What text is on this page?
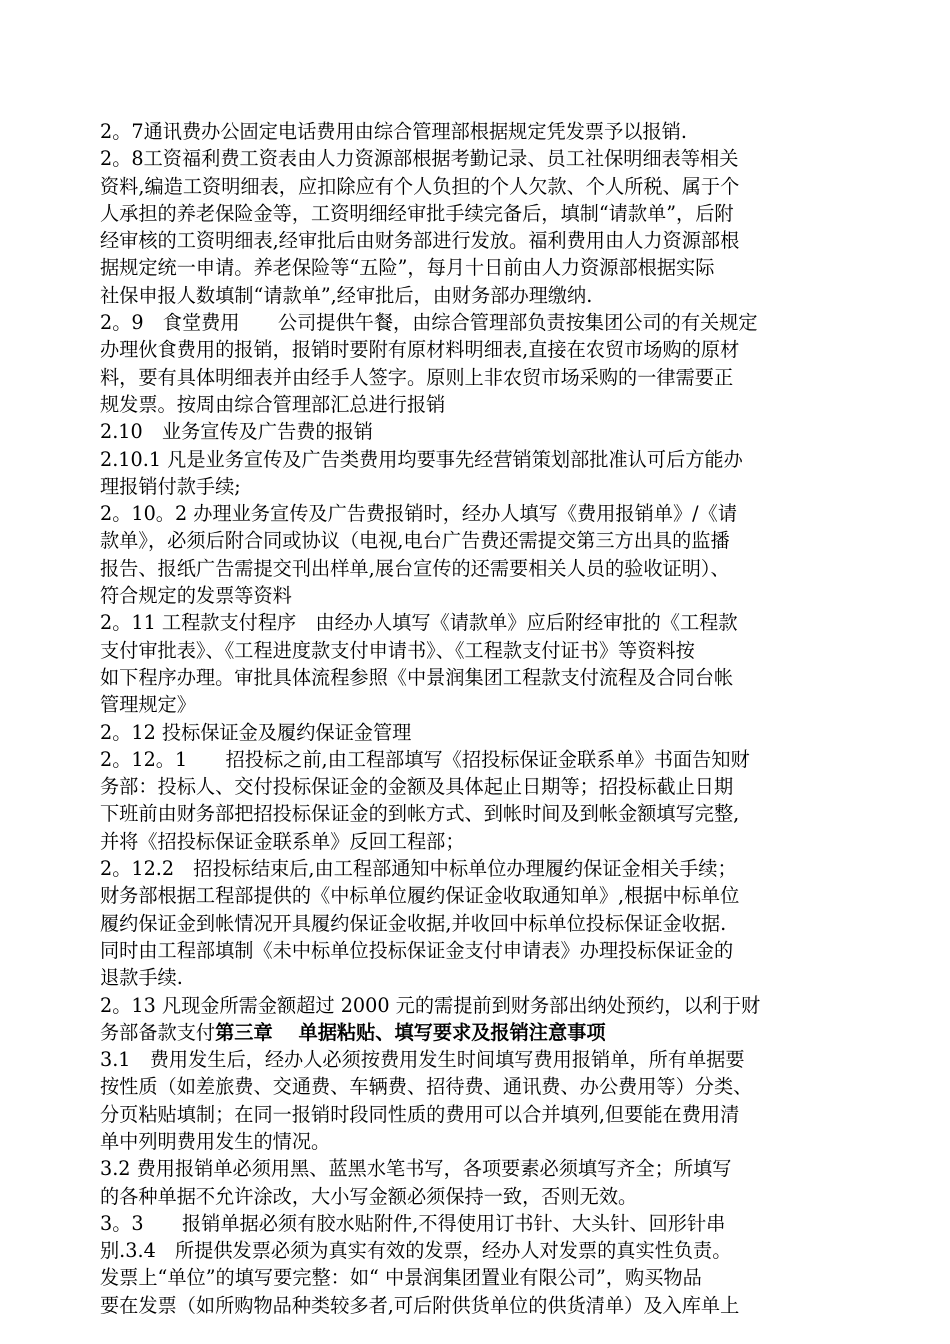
2。7通讯费办公固定电话费用由综合管理部根据规定凭发票予以报销.
2。8工资福利费工资表由人力资源部根据考勤记录、员工社保明细表等相关
资料,编造工资明细表，应扣除应有个人负担的个人欠款、个人所税、属于个
人承担的养老保险金等，工资明细经审批手续完备后，填制“请款单”，后附
经审核的工资明细表,经审批后由财务部进行发放。福利费用由人力资源部根
据规定统一申请。养老保险等“五险”，每月十日前由人力资源部根据实际
社保申报人数填制“请款单”,经审批后，由财务部办理缴纳.
2。9　食堂费用　　公司提供午餐，由综合管理部负责按集团公司的有关规定
办理伙食费用的报销，报销时要附有原材料明细表,直接在农贸市场购的原材
料，要有具体明细表并由经手人签字。原则上非农贸市场采购的一律需要正
规发票。按周由综合管理部汇总进行报销
2.10　业务宣传及广告费的报销
2.10.1 凡是业务宣传及广告类费用均要事先经营销策划部批准认可后方能办
理报销付款手续;
2。10。2 办理业务宣传及广告费报销时，经办人填写《费用报销单》/《请
款单》，必须后附合同或协议（电视,电台广告费还需提交第三方出具的监播
报告、报纸广告需提交刊出样单,展台宣传的还需要相关人员的验收证明）、
符合规定的发票等资料
2。11 工程款支付程序　由经办人填写《请款单》应后附经审批的《工程款
支付审批表》、《工程进度款支付申请书》、《工程款支付证书》等资料按
如下程序办理。审批具体流程参照《中景润集团工程款支付流程及合同台帐
管理规定》
2。12 投标保证金及履约保证金管理
2。12。1　　招投标之前,由工程部填写《招投标保证金联系单》书面告知财
务部：投标人、交付投标保证金的金额及具体起止日期等；招投标截止日期
下班前由财务部把招投标保证金的到帐方式、到帐时间及到帐金额填写完整,
并将《招投标保证金联系单》反回工程部；
2。12.2　招投标结束后,由工程部通知中标单位办理履约保证金相关手续；
财务部根据工程部提供的《中标单位履约保证金收取通知单》,根据中标单位
履约保证金到帐情况开具履约保证金收据,并收回中标单位投标保证金收据.
同时由工程部填制《未中标单位投标保证金支付申请表》办理投标保证金的
退款手续.
2。13 凡现金所需金额超过 2000 元的需提前到财务部出纳处预约，以利于财
务部备款支付第三章　 单据粘贴、填写要求及报销注意事项
3.1　费用发生后，经办人必须按费用发生时间填写费用报销单，所有单据要
按性质（如差旅费、交通费、车辆费、招待费、通讯费、办公费用等）分类、
分页粘贴填制；在同一报销时段同性质的费用可以合并填列,但要能在费用清
单中列明费用发生的情况。
3.2 费用报销单必须用黑、蓝黑水笔书写，各项要素必须填写齐全；所填写
的各种单据不允许涂改，大小写金额必须保持一致，否则无效。
3。3　　报销单据必须有胶水贴附件,不得使用订书针、大头针、回形针串
别.3.4　所提供发票必须为真实有效的发票，经办人对发票的真实性负责。
发票上“单位”的填写要完整：如“ 中景润集团置业有限公司”，购买物品
要在发票（如所购物品种类较多者,可后附供货单位的供货清单）及入库单上
